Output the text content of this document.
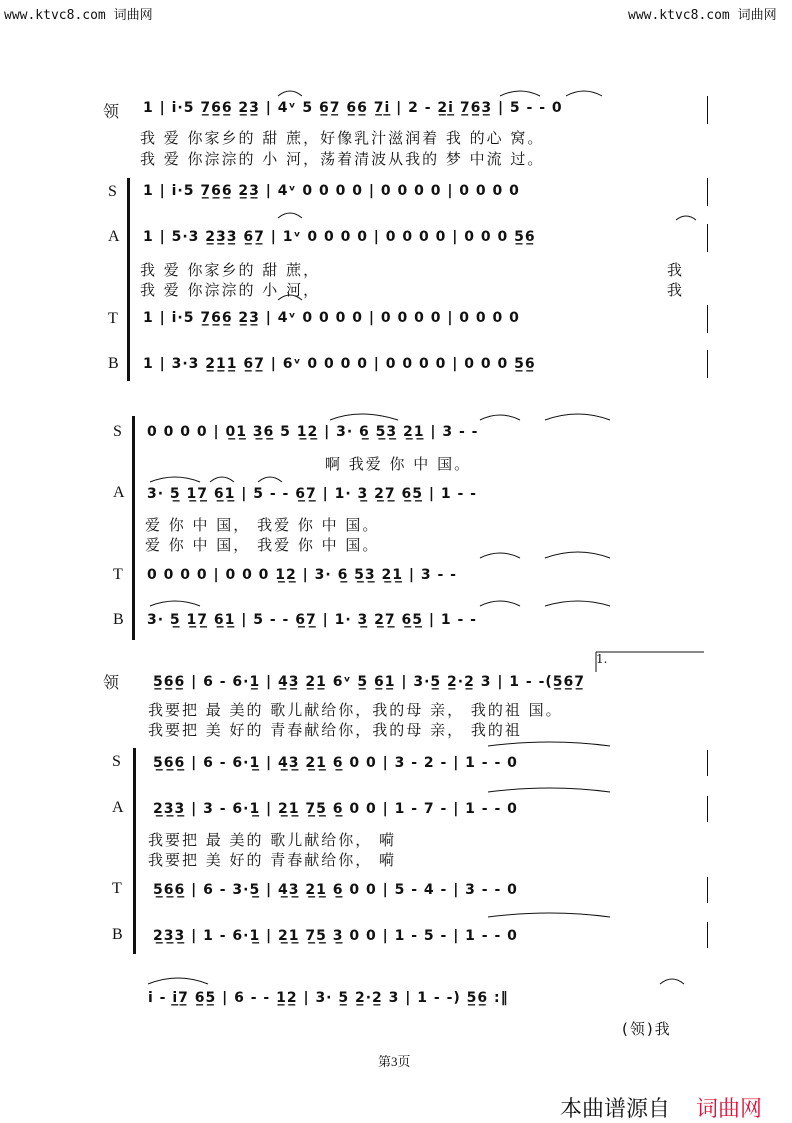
www.ktvc8.com 词曲网	www.ktvc8.com 词曲网
领 1 | i·5 7̲6̲6̲ 2̲3̲ | 4ᵛ 5 6̲7̲ 6̲6̲ 7̲i̲ | 2 - 2̲i̲ 7̲6̲3̲ | 5 - - 0
我 爱 你家乡的 甜 蔗，好像乳汁滋润着 我 的心 窝。
我 爱 你淙淙的 小 河，荡着清波从我的 梦 中流 过。
S 1 | i·5 7̲6̲6̲ 2̲3̲ | 4ᵛ 0 0 0 0 | 0 0 0 0 | 0 0 0 0
A 1 | 5·3 2̲3̲3̲ 6̲7̲ | 1ᵛ 0 0 0 0 | 0 0 0 0 | 0 0 0 5̲6̲
我 爱 你家乡的 甜 蔗，
我 爱 你淙淙的 小 河，
我
我
T 1 | i·5 7̲6̲6̲ 2̲3̲ | 4ᵛ 0 0 0 0 | 0 0 0 0 | 0 0 0 0
B 1 | 3·3 2̲1̲1̲ 6̲7̲ | 6ᵛ 0 0 0 0 | 0 0 0 0 | 0 0 0 5̲6̲
S 0 0 0 0 | 0̲1̲ 3̲6̲ 5 1̲2̲ | 3· 6̲ 5̲3̲ 2̲1̲ | 3 - -
啊 我爱 你 中 国。
A 3· 5̲ 1̲7̲ 6̲1̲ | 5 - - 6̲7̲ | 1· 3̲ 2̲7̲ 6̲5̲ | 1 - -
爱 你 中 国， 我爱 你 中 国。
爱 你 中 国， 我爱 你 中 国。
T 0 0 0 0 | 0 0 0 1̲2̲ | 3· 6̲ 5̲3̲ 2̲1̲ | 3 - -
B 3· 5̲ 1̲7̲ 6̲1̲ | 5 - - 6̲7̲ | 1· 3̲ 2̲7̲ 6̲5̲ | 1 - -
领
1.
5̲6̲6̲ | 6 - 6·1̲ | 4̲3̲ 2̲1̲ 6ᵛ 5̲ 6̲1̲ | 3·5̲ 2̲·2̲ 3 | 1 - -(5̲6̲7̲
我要把 最 美的 歌儿献给你，我的母 亲， 我的祖 国。
我要把 美 好的 青春献给你，我的母 亲， 我的祖
S 5̲6̲6̲ | 6 - 6·1̲ | 4̲3̲ 2̲1̲ 6̲ 0 0 | 3 - 2 - | 1 - - 0
A 2̲3̲3̲ | 3 - 6·1̲ | 2̲1̲ 7̲5̲ 6̲ 0 0 | 1 - 7 - | 1 - - 0
我要把 最 美的 歌儿献给你， 嗬
我要把 美 好的 青春献给你， 嗬
T 5̲6̲6̲ | 6 - 3·5̲ | 4̲3̲ 2̲1̲ 6̲ 0 0 | 5 - 4 - | 3 - - 0
B 2̲3̲3̲ | 1 - 6·1̲ | 2̲1̲ 7̲5̲ 3̲ 0 0 | 1 - 5 - | 1 - - 0
i - i̲7̲ 6̲5̲ | 6 - - 1̲2̲ | 3· 5̲ 2̲·2̲ 3 | 1 - -) 5̲6̲ :‖
(领)我
第3页
本曲谱源自 词曲网
